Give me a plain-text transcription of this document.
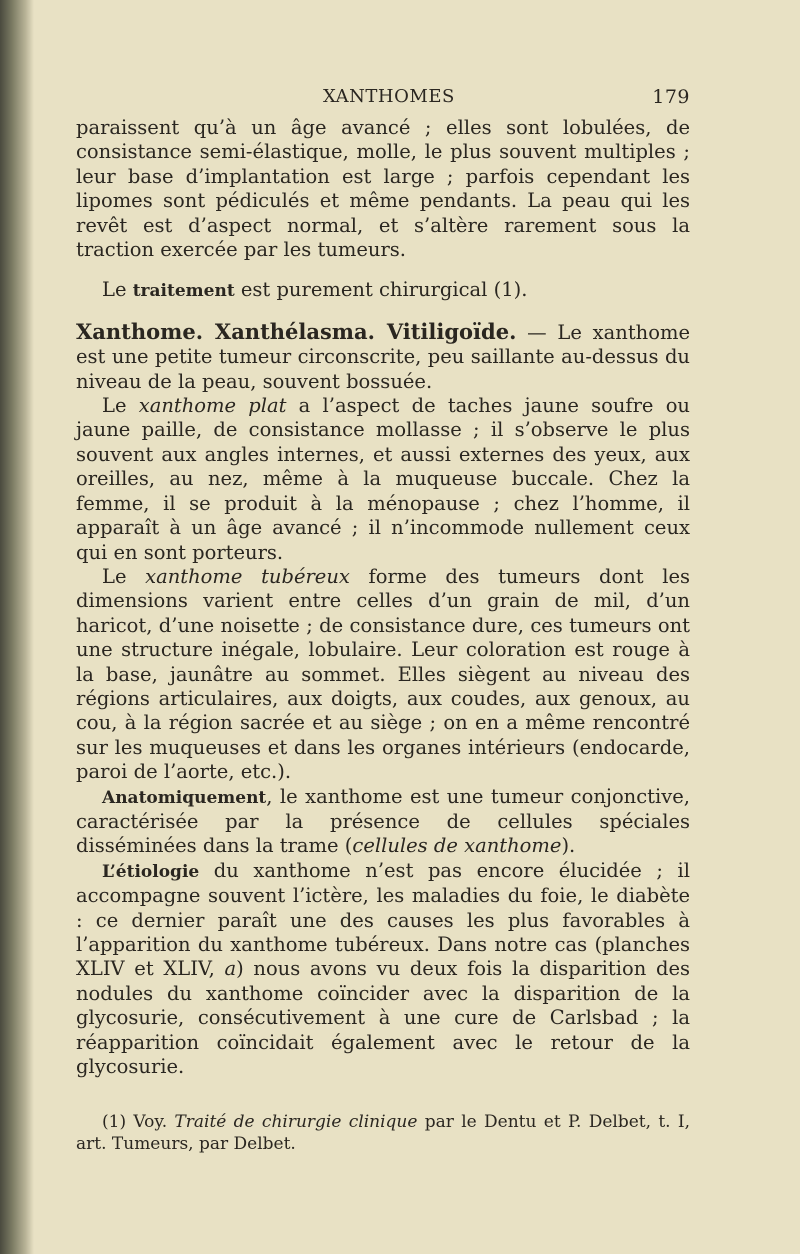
XANTHOMES	179

paraissent qu’à un âge avancé ; elles sont lobulées, de consistance semi-élastique, molle, le plus souvent multiples ; leur base d’implantation est large ; parfois cependant les lipomes sont pédiculés et même pendants. La peau qui les revêt est d’aspect normal, et s’altère rarement sous la traction exercée par les tumeurs.

Le traitement est purement chirurgical (1).

Xanthome. Xanthélasma. Vitiligoïde. — Le xanthome est une petite tumeur circonscrite, peu saillante au-dessus du niveau de la peau, souvent bossuée.

Le xanthome plat a l’aspect de taches jaune soufre ou jaune paille, de consistance mollasse ; il s’observe le plus souvent aux angles internes, et aussi externes des yeux, aux oreilles, au nez, même à la muqueuse buccale. Chez la femme, il se produit à la ménopause ; chez l’homme, il apparaît à un âge avancé ; il n’incommode nullement ceux qui en sont porteurs.

Le xanthome tubéreux forme des tumeurs dont les dimensions varient entre celles d’un grain de mil, d’un haricot, d’une noisette ; de consistance dure, ces tumeurs ont une structure inégale, lobulaire. Leur coloration est rouge à la base, jaunâtre au sommet. Elles siègent au niveau des régions articulaires, aux doigts, aux coudes, aux genoux, au cou, à la région sacrée et au siège ; on en a même rencontré sur les muqueuses et dans les organes intérieurs (endocarde, paroi de l’aorte, etc.).

Anatomiquement, le xanthome est une tumeur conjonctive, caractérisée par la présence de cellules spéciales disséminées dans la trame (cellules de xanthome).

L’étiologie du xanthome n’est pas encore élucidée ; il accompagne souvent l’ictère, les maladies du foie, le diabète : ce dernier paraît une des causes les plus favorables à l’apparition du xanthome tubéreux. Dans notre cas (planches XLIV et XLIV, a) nous avons vu deux fois la disparition des nodules du xanthome coïncider avec la disparition de la glycosurie, consécutivement à une cure de Carlsbad ; la réapparition coïncidait également avec le retour de la glycosurie.

(1) Voy. Traité de chirurgie clinique par le Dentu et P. Delbet, t. I, art. Tumeurs, par Delbet.
